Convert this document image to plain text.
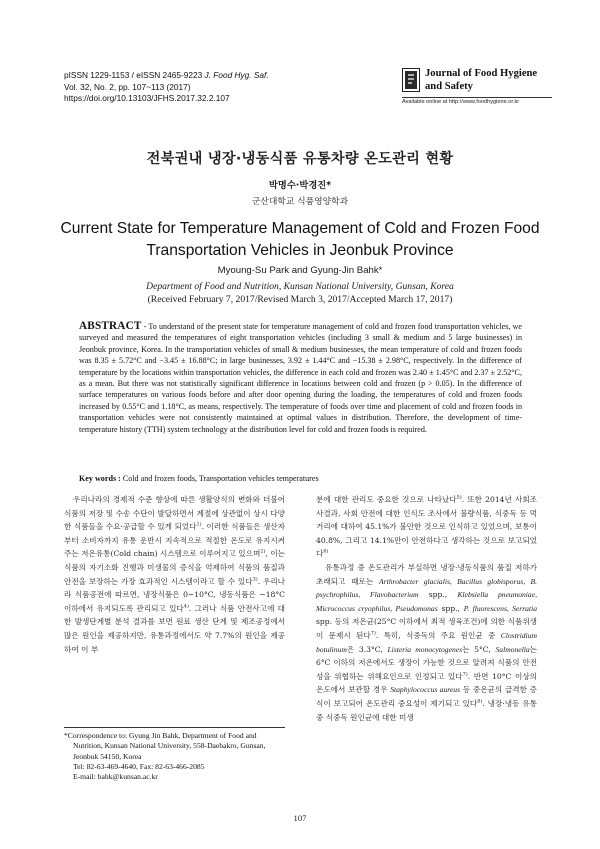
pISSN 1229-1153 / eISSN 2465-9223 J. Food Hyg. Saf.
Vol. 32, No. 2, pp. 107~113 (2017)
https://doi.org/10.13103/JFHS.2017.32.2.107
Journal of Food Hygiene
and Safety
Available online at http://www.foodhygiene.or.kr
전북권내 냉장·냉동식품 유통차량 온도관리 현황
박명수·박경진*
군산대학교 식품영양학과
Current State for Temperature Management of Cold and Frozen Food
Transportation Vehicles in Jeonbuk Province
Myoung-Su Park and Gyung-Jin Bahk*
Department of Food and Nutrition, Kunsan National University, Gunsan, Korea
(Received February 7, 2017/Revised March 3, 2017/Accepted March 17, 2017)
ABSTRACT - To understand of the present state for temperature management of cold and frozen food transportation vehicles, we surveyed and measured the temperatures of eight transportation vehicles (including 3 small & medium and 5 large businesses) in Jeonbuk province, Korea. In the transportation vehicles of small & medium businesses, the mean temperature of cold and frozen foods was 8.35 ± 5.72°C and −3.45 ± 16.88°C; in large businesses, 3.92 ± 1.44°C and −15.38 ± 2.98°C, respectively. In the difference of temperature by the locations within transportation vehicles, the difference in each cold and frozen was 2.40 ± 1.45°C and 2.37 ± 2.52°C, as a mean. But there was not statistically significant difference in locations between cold and frozen (p > 0.05). In the difference of surface temperatures on various foods before and after door opening during the loading, the temperatures of cold and frozen foods increased by 0.55°C and 1.18°C, as means, respectively. The temperature of foods over time and placement of cold and frozen foods in transportation vehicles were not consistently maintained at optimal values in distribution. Therefore, the development of time-temperature history (TTH) system technology at the distribution level for cold and frozen foods is required.
Key words : Cold and frozen foods, Transportation vehicles temperatures
우리나라의 경제적 수준 향상에 따른 생활양식의 변화와 더불어 식품의 저장 및 수송 수단이 발달하면서 계절에 상관없이 상시 다양한 식품들을 수요·공급할 수 있게 되었다$^{1)}$. 이러한 식품들은 생산자부터 소비자까지 유통 운반시 지속적으로 적절한 온도로 유지시켜주는 저온유통(Cold chain) 시스템으로 이루어지고 있으며$^{2)}$, 이는 식품의 자기소화 진행과 미생물의 증식을 억제하여 식품의 품질과 안전을 보장하는 가장 효과적인 시스템이라고 할 수 있다$^{3)}$. 우리나라 식품공전에 따르면, 냉장식품은 0~10°C, 냉동식품은 −18°C이하에서 유지되도록 관리되고 있다$^{4)}$. 그러나 식품 안전사고에 대한 발생단계별 분석 결과를 보면 원료 생산 단계 및 제조공정에서 많은 원인을 제공하지만, 유통과정에서도 약 7.7%의 원인을 제공하여 이 부
*Correspondence to: Gyung Jin Bahk, Department of Food and
Nutrition, Kunsan National University, 558-Daehakro, Gunsan,
Jeonbuk 54150, Korea
Tel: 82-63-469-4640, Fax: 82-63-466-2085
E-mail: bahk@kunsan.ac.kr

분에 대한 관리도 중요한 것으로 나타났다$^{5)}$. 또한 2014년 사회조사결과, 사회 안전에 대한 인식도 조사에서 불량식품, 식중독 등 먹거리에 대하여 45.1%가 불안한 것으로 인식하고 있었으며, 보통이 40.8%, 그리고 14.1%만이 안전하다고 생각하는 것으로 보고되었다$^{6)}$

유통과정 중 온도관리가 부실하면 냉장·냉동식품의 품질 저하가 초래되고 때로는 Arthrobacter glacialis, Bacillus globisporus, B. psychrophilus, Flavobacterium spp., Klebsiella pneumoniae, Micrococcus cryophilus, Pseudomonas spp., P. fluorescens, Serratia spp. 등의 저온균(25°C 이하에서 최적 생육조건)에 의한 식품위생이 문제시 된다$^{7)}$. 특히, 식중독의 주요 원인균 중 Clostridium botulinum은 3.3°C, Listeria monocytogenes는 5°C, Salmonella는 6°C 이하의 저온에서도 생장이 가능한 것으로 알려져 식품의 안전성을 위협하는 위해요인으로 인정되고 있다$^{7)}$. 반면 10°C 이상의 온도에서 보관할 경우 Staphylococcus aureus 등 중온균의 급격한 증식이 보고되어 온도관리 중요성이 제기되고 있다$^{8)}$. 냉장·냉동 유통 중 식중독 원인균에 대한 미생

107
